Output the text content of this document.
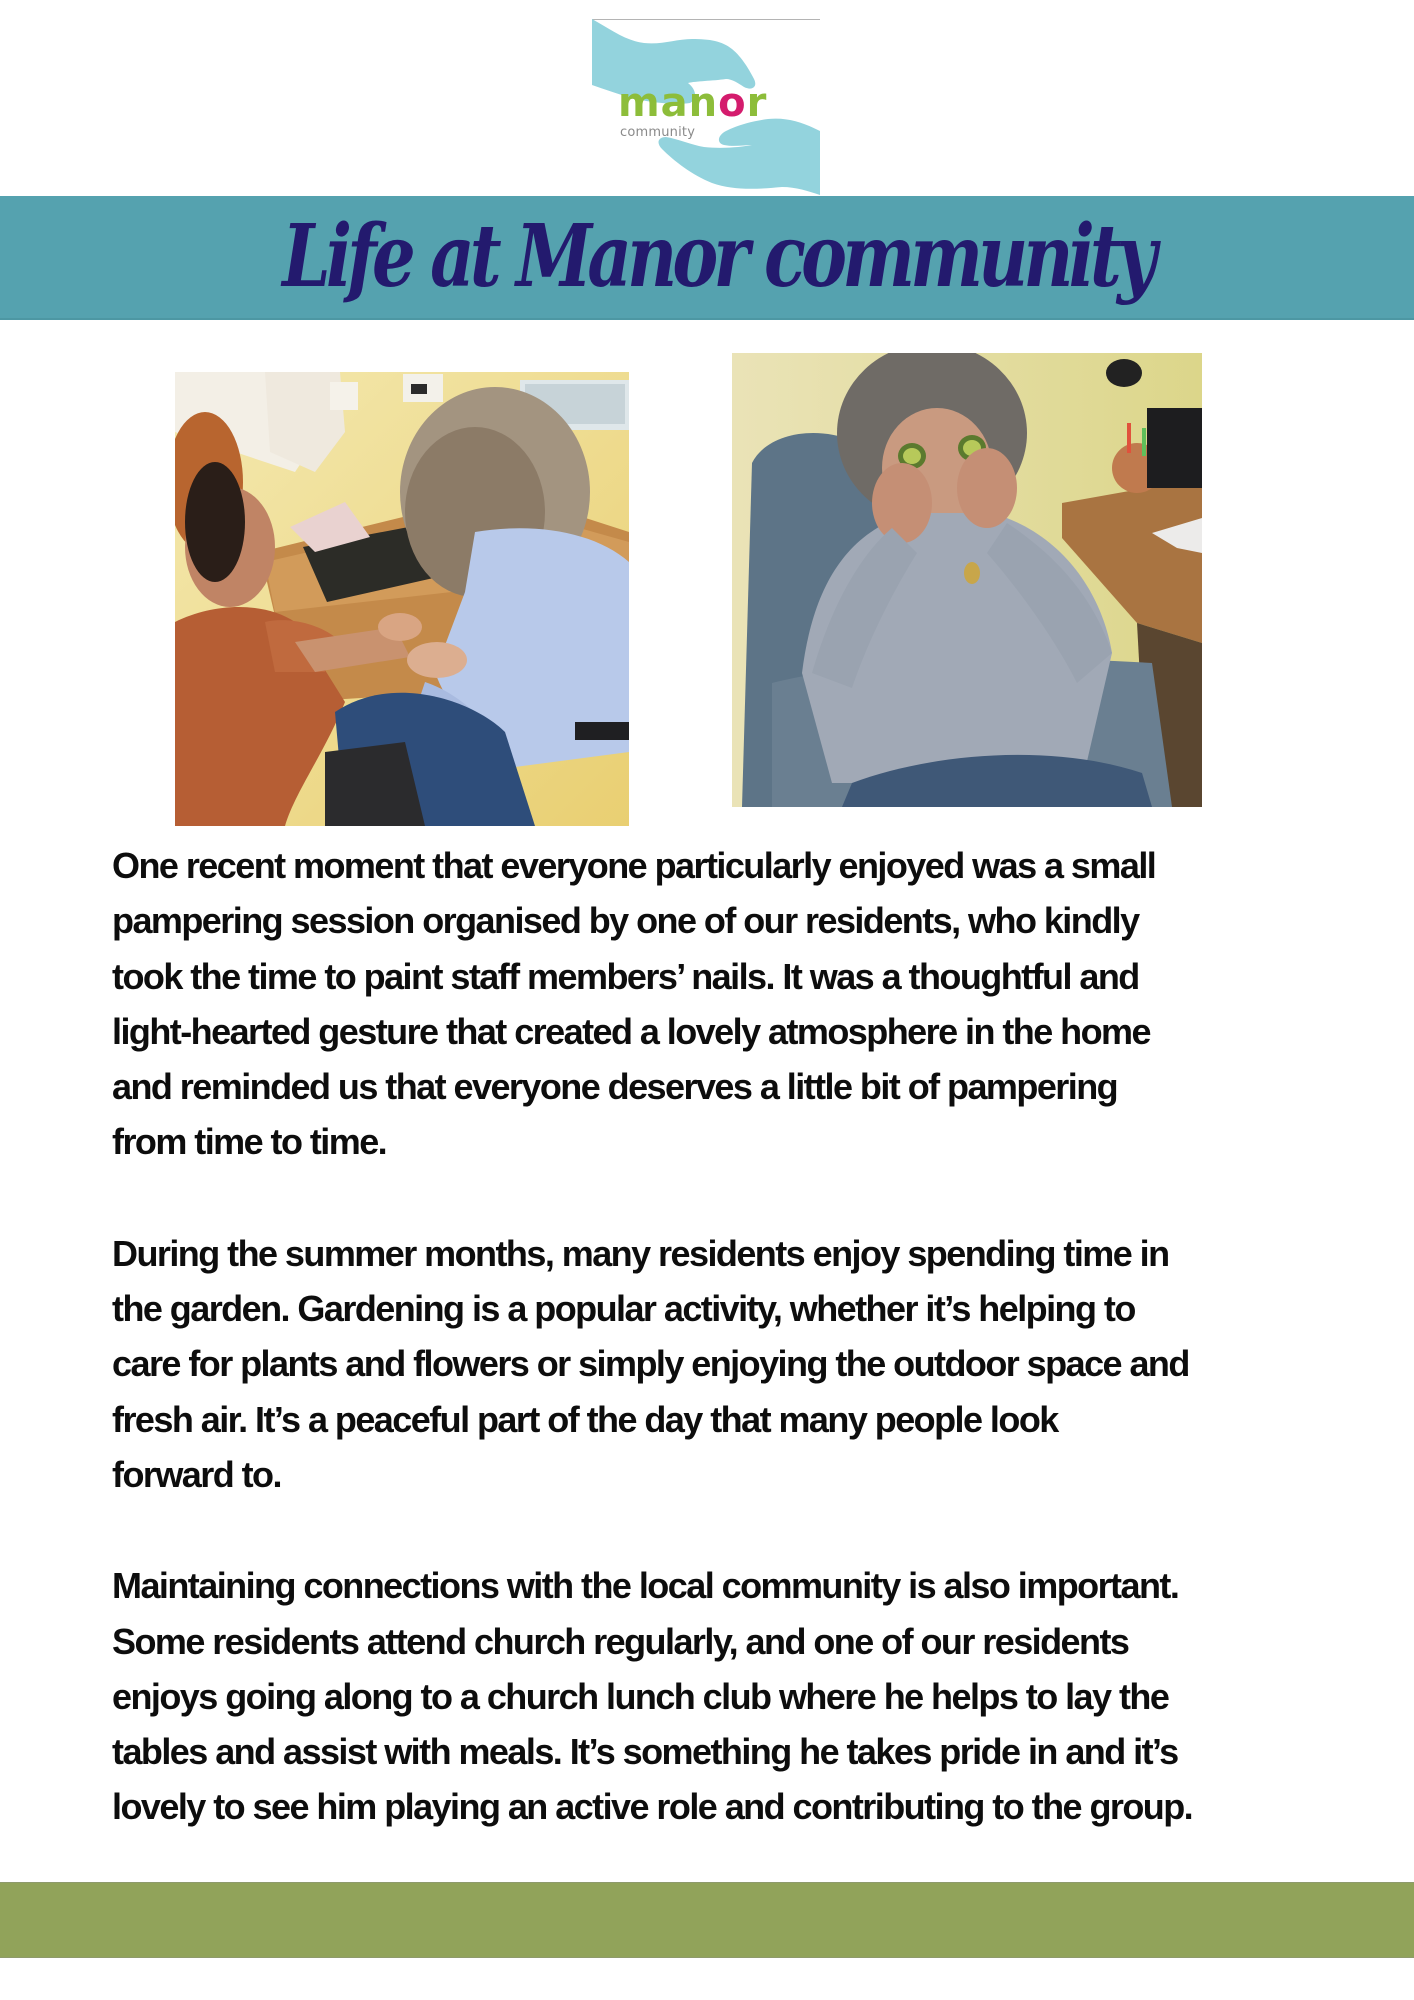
manor
community
Life at Manor community

One recent moment that everyone particularly enjoyed was a small
pampering session organised by one of our residents, who kindly
took the time to paint staff members’ nails. It was a thoughtful and
light-hearted gesture that created a lovely atmosphere in the home
and reminded us that everyone deserves a little bit of pampering
from time to time.

During the summer months, many residents enjoy spending time in
the garden. Gardening is a popular activity, whether it’s helping to
care for plants and flowers or simply enjoying the outdoor space and
fresh air. It’s a peaceful part of the day that many people look
forward to.

Maintaining connections with the local community is also important.
Some residents attend church regularly, and one of our residents
enjoys going along to a church lunch club where he helps to lay the
tables and assist with meals. It’s something he takes pride in and it’s
lovely to see him playing an active role and contributing to the group.
